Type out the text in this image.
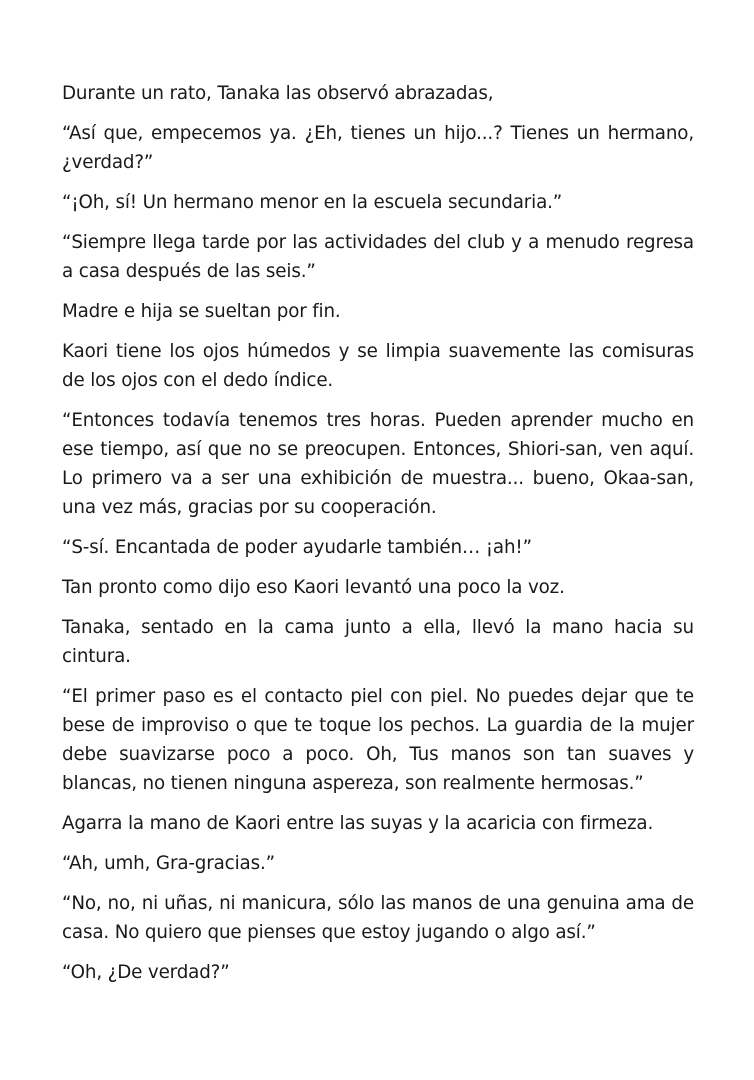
Durante un rato, Tanaka las observó abrazadas,

“Así que, empecemos ya. ¿Eh, tienes un hijo...? Tienes un hermano, ¿verdad?”

“¡Oh, sí! Un hermano menor en la escuela secundaria.”

“Siempre llega tarde por las actividades del club y a menudo regresa a casa después de las seis.”

Madre e hija se sueltan por fin.

Kaori tiene los ojos húmedos y se limpia suavemente las comisuras de los ojos con el dedo índice.

“Entonces todavía tenemos tres horas. Pueden aprender mucho en ese tiempo, así que no se preocupen. Entonces, Shiori-san, ven aquí. Lo primero va a ser una exhibición de muestra... bueno, Okaa-san, una vez más, gracias por su cooperación.

“S-sí. Encantada de poder ayudarle también… ¡ah!”

Tan pronto como dijo eso Kaori levantó una poco la voz.

Tanaka, sentado en la cama junto a ella, llevó la mano hacia su cintura.

“El primer paso es el contacto piel con piel. No puedes dejar que te bese de improviso o que te toque los pechos. La guardia de la mujer debe suavizarse poco a poco. Oh, Tus manos son tan suaves y blancas, no tienen ninguna aspereza, son realmente hermosas.”

Agarra la mano de Kaori entre las suyas y la acaricia con firmeza.

“Ah, umh, Gra-gracias.”

“No, no, ni uñas, ni manicura, sólo las manos de una genuina ama de casa. No quiero que pienses que estoy jugando o algo así.”

“Oh, ¿De verdad?”
